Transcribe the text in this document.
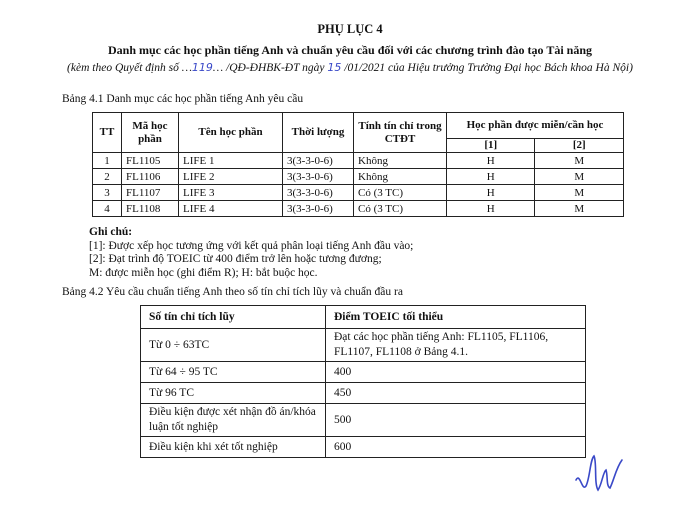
PHỤ LỤC 4
Danh mục các học phần tiếng Anh và chuẩn yêu cầu đối với các chương trình đào tạo Tài năng
(kèm theo Quyết định số …119… /QĐ-ĐHBK-ĐT ngày 15 /01/2021 của Hiệu trưởng Trường Đại học Bách khoa Hà Nội)
Bảng 4.1 Danh mục các học phần tiếng Anh yêu cầu
TT	Mã học phần	Tên học phần	Thời lượng	Tính tín chỉ trong CTĐT	Học phần được miễn/cần học	
					[1]	[2]
1	FL1105	LIFE 1	3(3-3-0-6)	Không	H	M
2	FL1106	LIFE 2	3(3-3-0-6)	Không	H	M
3	FL1107	LIFE 3	3(3-3-0-6)	Có (3 TC)	H	M
4	FL1108	LIFE 4	3(3-3-0-6)	Có (3 TC)	H	M
Ghi chú:
[1]: Được xếp học tương ứng với kết quả phân loại tiếng Anh đầu vào;
[2]: Đạt trình độ TOEIC từ 400 điểm trở lên hoặc tương đương;
M: được miễn học (ghi điểm R); H: bắt buộc học.
Bảng 4.2 Yêu cầu chuẩn tiếng Anh theo số tín chỉ tích lũy và chuẩn đầu ra
Số tín chỉ tích lũy	Điểm TOEIC tối thiểu
Từ 0 ÷ 63TC	Đạt các học phần tiếng Anh: FL1105, FL1106, FL1107, FL1108 ở Bảng 4.1.
Từ 64 ÷ 95 TC	400
Từ 96 TC	450
Điều kiện được xét nhận đồ án/khóa luận tốt nghiệp	500
Điều kiện khi xét tốt nghiệp	600
